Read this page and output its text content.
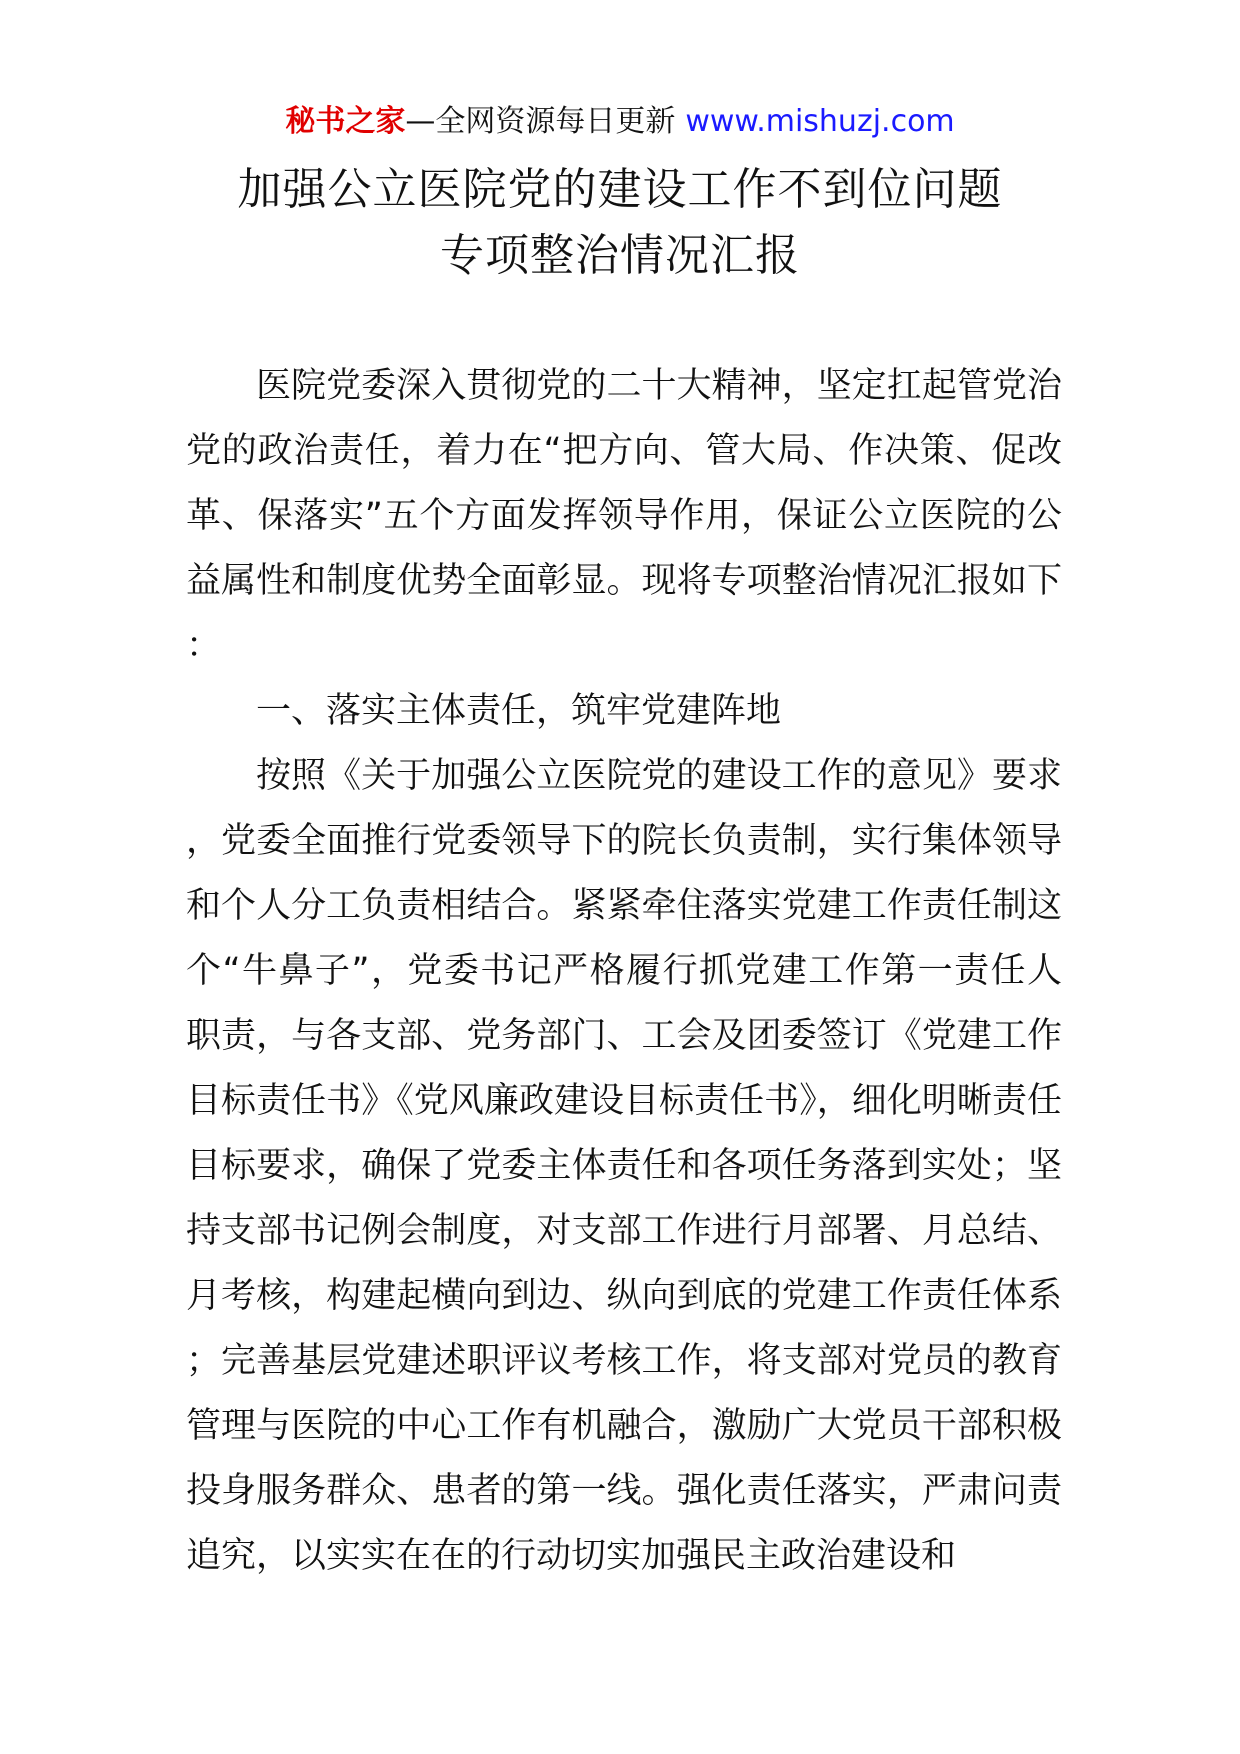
秘书之家—全网资源每日更新 www.mishuzj.com
加强公立医院党的建设工作不到位问题
专项整治情况汇报

医院党委深入贯彻党的二十大精神，坚定扛起管党治党的政治责任，着力在“把方向、管大局、作决策、促改革、保落实”五个方面发挥领导作用，保证公立医院的公益属性和制度优势全面彰显。现将专项整治情况汇报如下：

一、落实主体责任，筑牢党建阵地

按照《关于加强公立医院党的建设工作的意见》要求，党委全面推行党委领导下的院长负责制，实行集体领导和个人分工负责相结合。紧紧牵住落实党建工作责任制这个“牛鼻子”，党委书记严格履行抓党建工作第一责任人职责，与各支部、党务部门、工会及团委签订《党建工作目标责任书》《党风廉政建设目标责任书》，细化明晰责任目标要求，确保了党委主体责任和各项任务落到实处；坚持支部书记例会制度，对支部工作进行月部署、月总结、月考核，构建起横向到边、纵向到底的党建工作责任体系；完善基层党建述职评议考核工作，将支部对党员的教育管理与医院的中心工作有机融合，激励广大党员干部积极投身服务群众、患者的第一线。强化责任落实，严肃问责追究，以实实在在的行动切实加强民主政治建设和
